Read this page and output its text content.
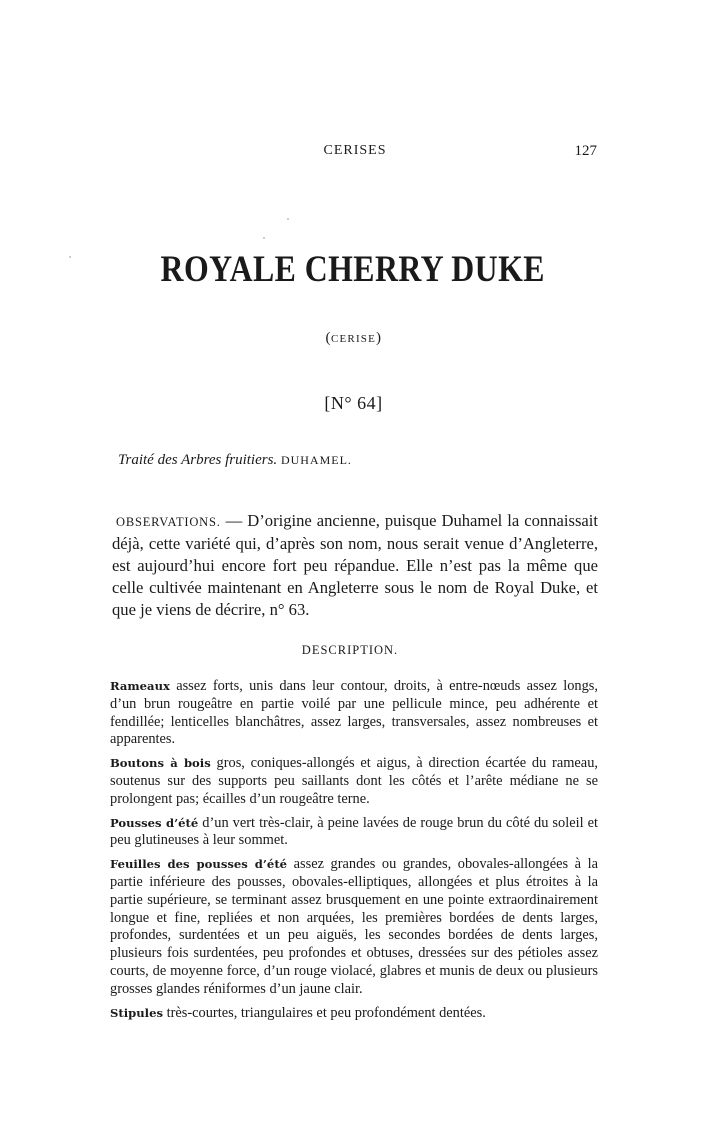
CERISES	127
ROYALE CHERRY DUKE
(CERISE)
[N° 64]
Traité des Arbres fruitiers. DUHAMEL.

OBSERVATIONS. — D’origine ancienne, puisque Duhamel la connaissait déjà, cette variété qui, d’après son nom, nous serait venue d’Angleterre, est aujourd’hui encore fort peu répandue. Elle n’est pas la même que celle cultivée maintenant en Angleterre sous le nom de Royal Duke, et que je viens de décrire, n° 63.

DESCRIPTION.

Rameaux assez forts, unis dans leur contour, droits, à entre-nœuds assez longs, d’un brun rougeâtre en partie voilé par une pellicule mince, peu adhérente et fendillée; lenticelles blanchâtres, assez larges, transversales, assez nombreuses et apparentes.

Boutons à bois gros, coniques-allongés et aigus, à direction écartée du rameau, soutenus sur des supports peu saillants dont les côtés et l’arête médiane ne se prolongent pas; écailles d’un rougeâtre terne.

Pousses d’été d’un vert très-clair, à peine lavées de rouge brun du côté du soleil et peu glutineuses à leur sommet.

Feuilles des pousses d’été assez grandes ou grandes, obovales-allongées à la partie inférieure des pousses, obovales-elliptiques, allongées et plus étroites à la partie supérieure, se terminant assez brusquement en une pointe extraordinairement longue et fine, repliées et non arquées, les premières bordées de dents larges, profondes, surdentées et un peu aiguës, les secondes bordées de dents larges, plusieurs fois surdentées, peu profondes et obtuses, dressées sur des pétioles assez courts, de moyenne force, d’un rouge violacé, glabres et munis de deux ou plusieurs grosses glandes réniformes d’un jaune clair.

Stipules très-courtes, triangulaires et peu profondément dentées.
